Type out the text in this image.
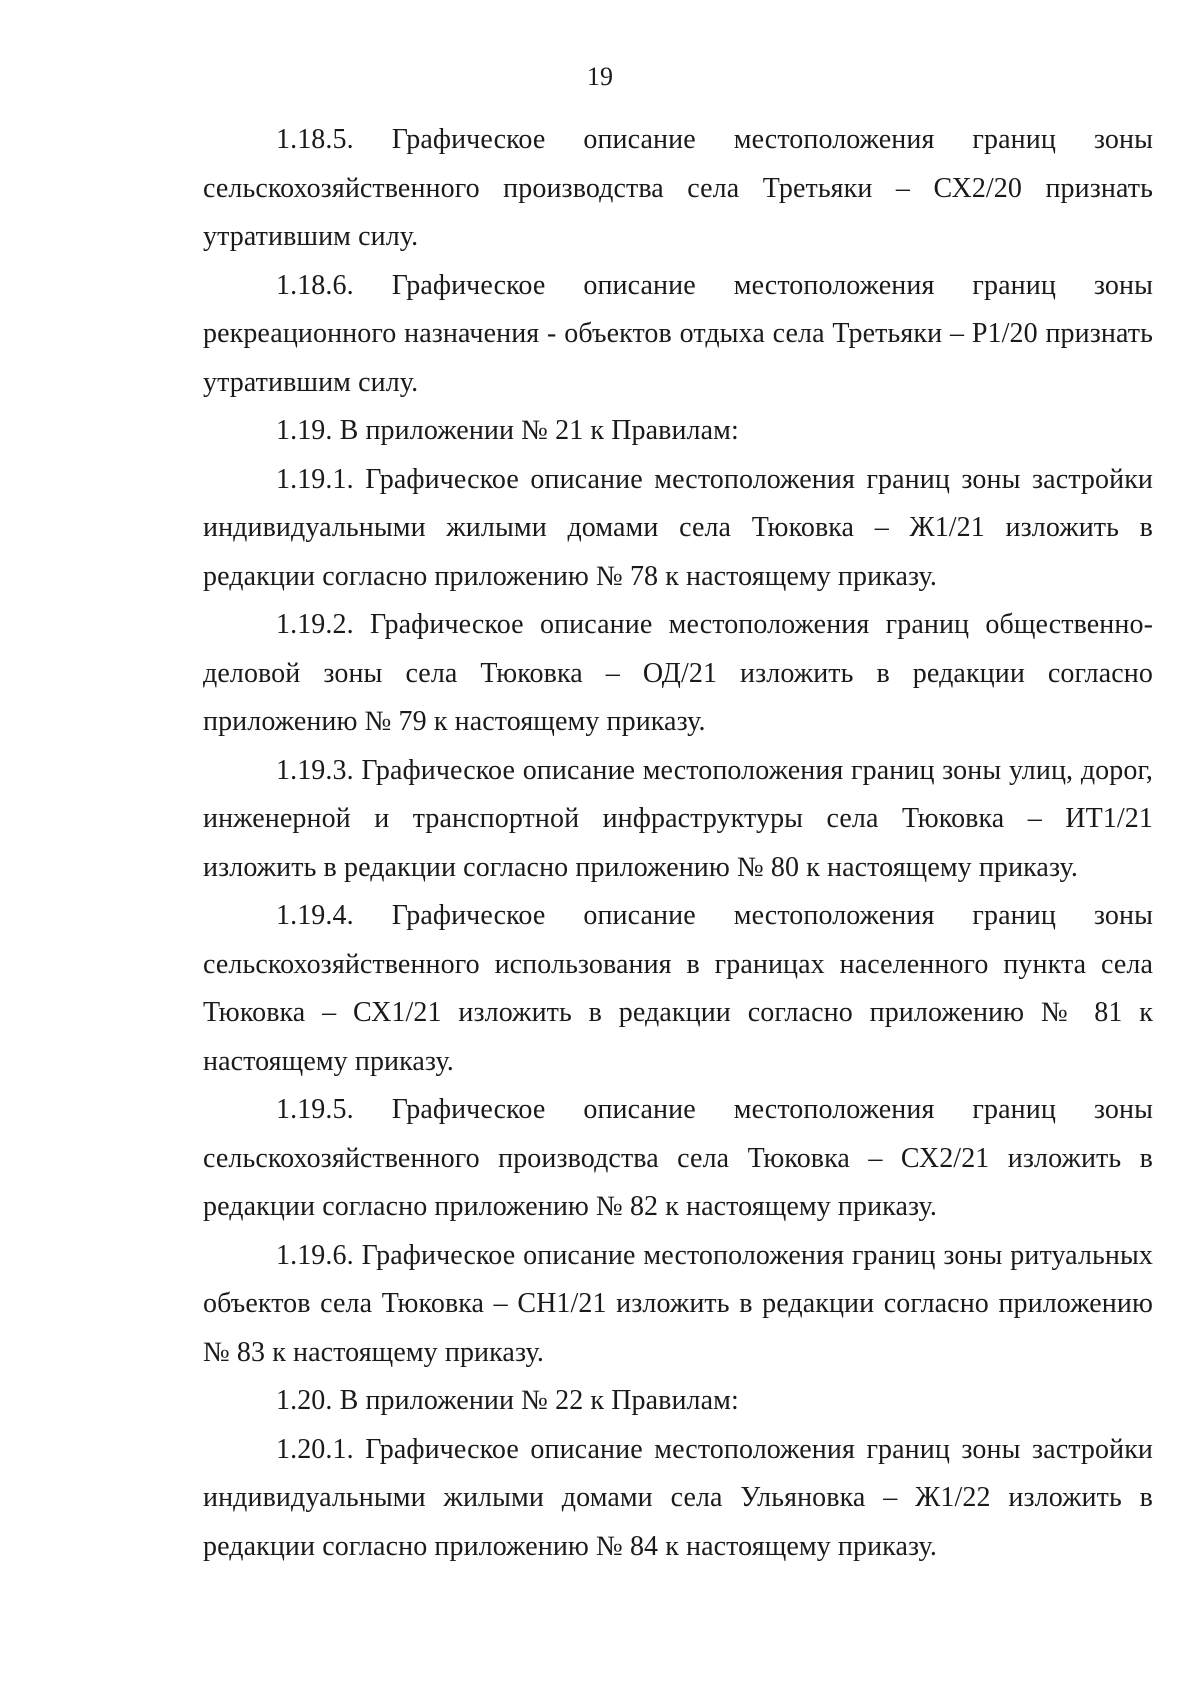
19

1.18.5. Графическое описание местоположения границ зоны сельскохозяйственного производства села Третьяки – СХ2/20 признать утратившим силу.

1.18.6. Графическое описание местоположения границ зоны рекреационного назначения - объектов отдыха села Третьяки – Р1/20 признать утратившим силу.

1.19. В приложении № 21 к Правилам:

1.19.1. Графическое описание местоположения границ зоны застройки индивидуальными жилыми домами села Тюковка – Ж1/21 изложить в редакции согласно приложению № 78 к настоящему приказу.

1.19.2. Графическое описание местоположения границ общественно-деловой зоны села Тюковка – ОД/21 изложить в редакции согласно приложению № 79 к настоящему приказу.

1.19.3. Графическое описание местоположения границ зоны улиц, дорог, инженерной и транспортной инфраструктуры села Тюковка – ИТ1/21 изложить в редакции согласно приложению № 80 к настоящему приказу.

1.19.4. Графическое описание местоположения границ зоны сельскохозяйственного использования в границах населенного пункта села Тюковка – СХ1/21 изложить в редакции согласно приложению № 81 к настоящему приказу.

1.19.5. Графическое описание местоположения границ зоны сельскохозяйственного производства села Тюковка – СХ2/21 изложить в редакции согласно приложению № 82 к настоящему приказу.

1.19.6. Графическое описание местоположения границ зоны ритуальных объектов села Тюковка – СН1/21 изложить в редакции согласно приложению № 83 к настоящему приказу.

1.20. В приложении № 22 к Правилам:

1.20.1. Графическое описание местоположения границ зоны застройки индивидуальными жилыми домами села Ульяновка – Ж1/22 изложить в редакции согласно приложению № 84 к настоящему приказу.
